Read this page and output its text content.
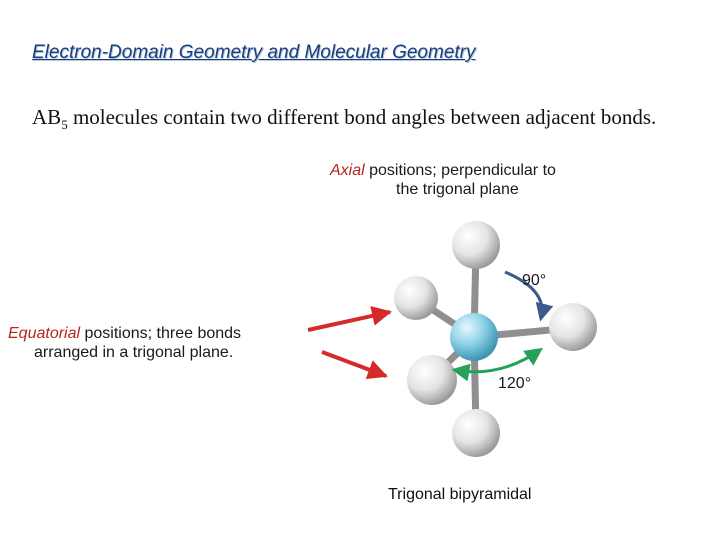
Electron-Domain Geometry and Molecular Geometry
$AB_5$ molecules contain two different bond angles between adjacent bonds.
Axial positions; perpendicular to
the trigonal plane
Equatorial positions; three bonds
arranged in a trigonal plane.
90°
120°
Trigonal bipyramidal
